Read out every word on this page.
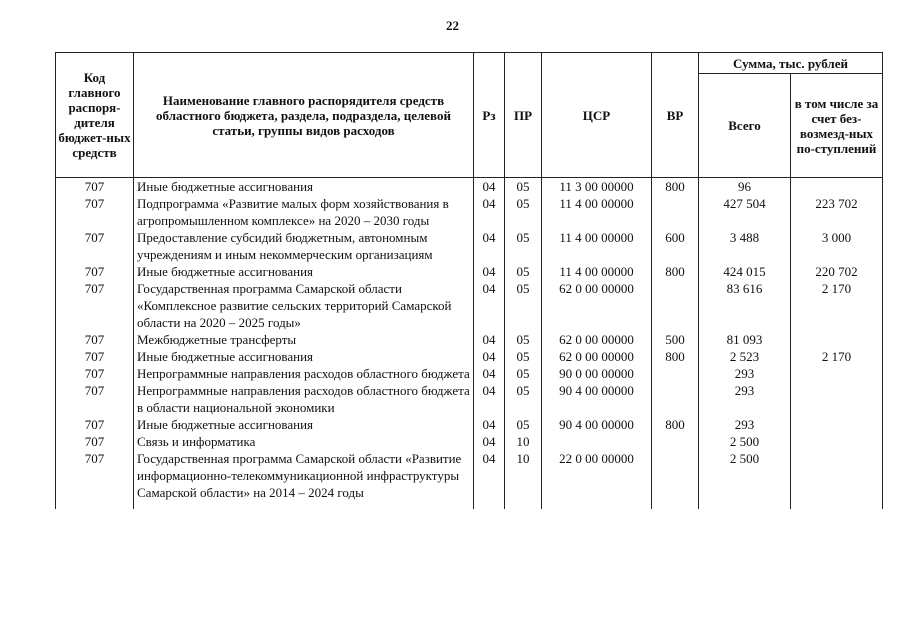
22
Код главного распоря-дителя бюджет-ных средств	Наименование главного распорядителя средств областного бюджета, раздела, подраздела, целевой статьи, группы видов расходов	Рз	ПР	ЦСР	ВР	Сумма, тыс. рублей	
						Всего	в том числе за счет без-возмезд-ных по-ступлений
707	Иные бюджетные ассигнования	04	05	11 3 00 00000	800	96	
707	Подпрограмма «Развитие малых форм хозяйствования в агропромышленном комплексе» на 2020 – 2030 годы	04	05	11 4 00 00000		427 504	223 702
707	Предоставление субсидий бюджетным, автономным учреждениям и иным некоммерческим организациям	04	05	11 4 00 00000	600	3 488	3 000
707	Иные бюджетные ассигнования	04	05	11 4 00 00000	800	424 015	220 702
707	Государственная программа Самарской области «Комплексное развитие сельских территорий Самарской области на 2020 – 2025 годы»	04	05	62 0 00 00000		83 616	2 170
707	Межбюджетные трансферты	04	05	62 0 00 00000	500	81 093	
707	Иные бюджетные ассигнования	04	05	62 0 00 00000	800	2 523	2 170
707	Непрограммные направления расходов областного бюджета	04	05	90 0 00 00000		293	
707	Непрограммные направления расходов областного бюджета в области национальной экономики	04	05	90 4 00 00000		293	
707	Иные бюджетные ассигнования	04	05	90 4 00 00000	800	293	
707	Связь и информатика	04	10			2 500	
707	Государственная программа Самарской области «Развитие информационно-телекоммуникационной инфраструктуры Самарской области» на 2014 – 2024 годы	04	10	22 0 00 00000		2 500	
